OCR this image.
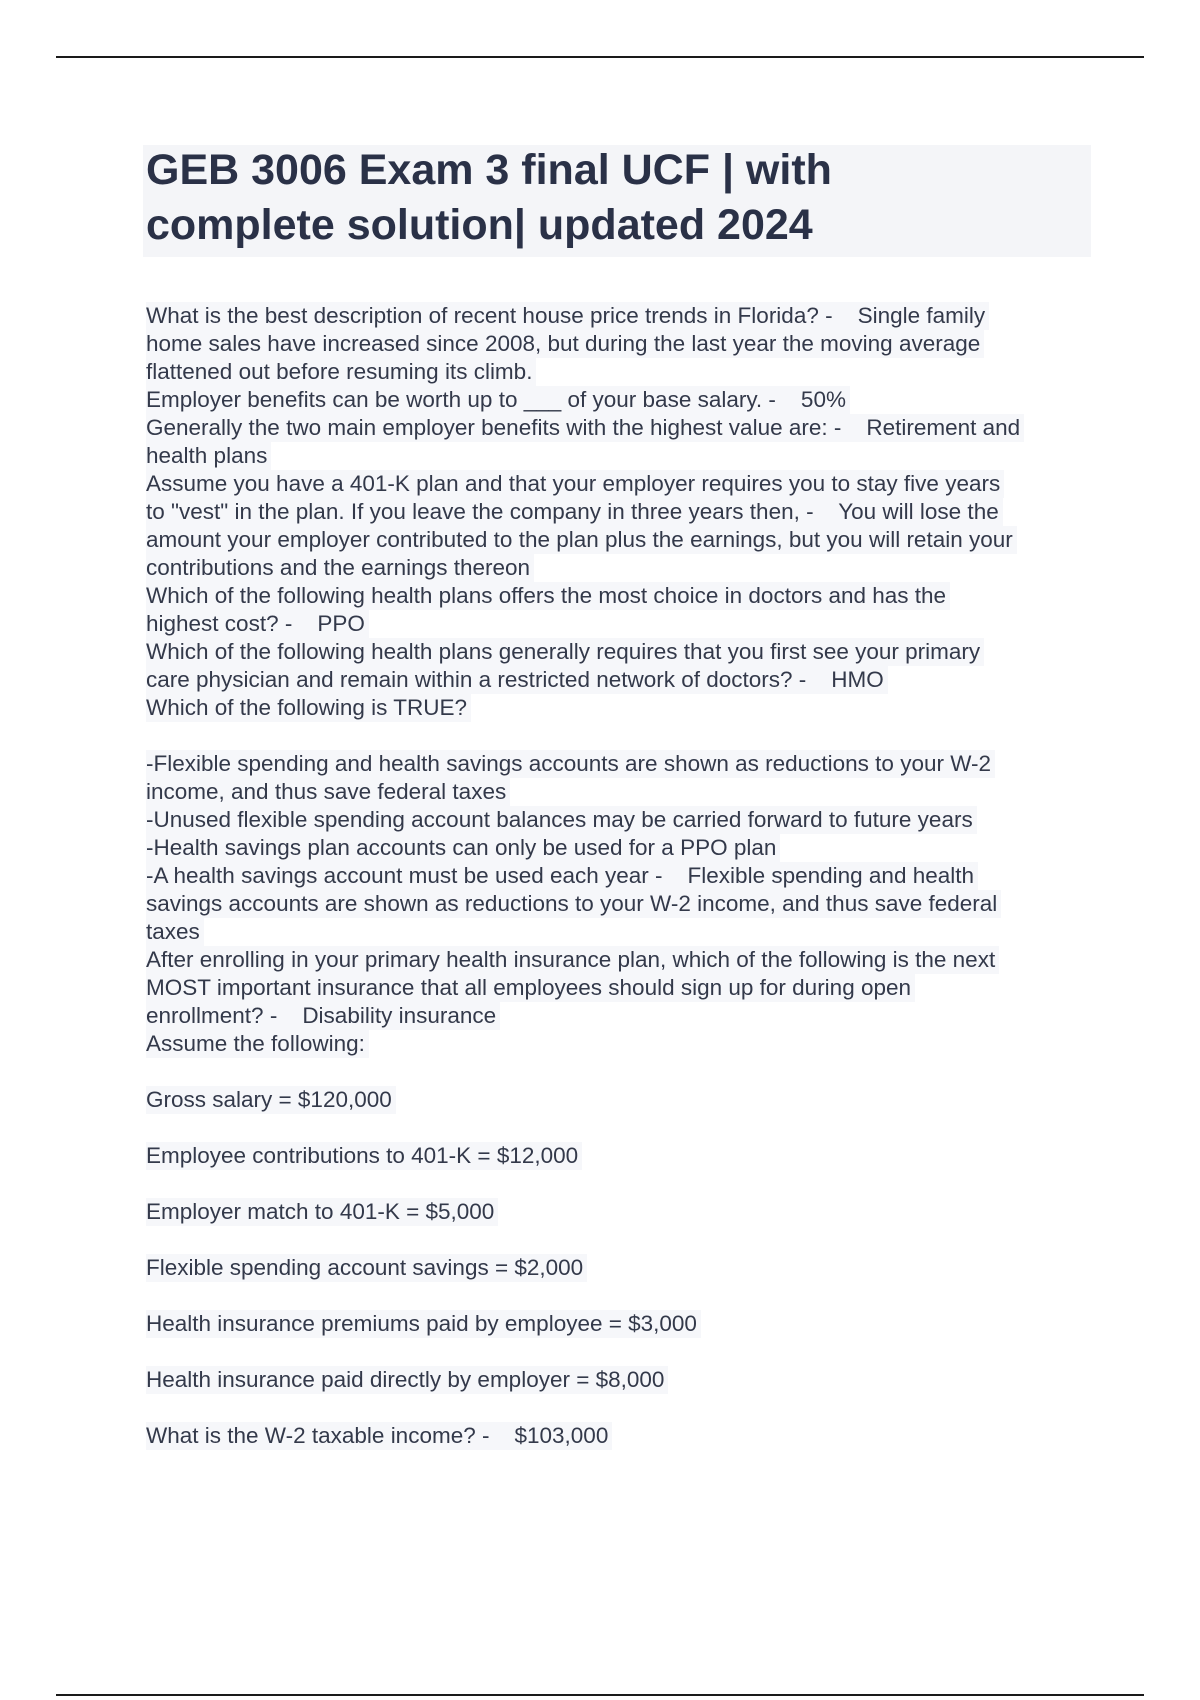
GEB 3006 Exam 3 final UCF | with
complete solution| updated 2024
What is the best description of recent house price trends in Florida? -    Single family
home sales have increased since 2008, but during the last year the moving average
flattened out before resuming its climb.
Employer benefits can be worth up to ___ of your base salary. -    50%
Generally the two main employer benefits with the highest value are: -    Retirement and
health plans
Assume you have a 401-K plan and that your employer requires you to stay five years
to "vest" in the plan. If you leave the company in three years then, -    You will lose the
amount your employer contributed to the plan plus the earnings, but you will retain your
contributions and the earnings thereon
Which of the following health plans offers the most choice in doctors and has the
highest cost? -    PPO
Which of the following health plans generally requires that you first see your primary
care physician and remain within a restricted network of doctors? -    HMO
Which of the following is TRUE?
-Flexible spending and health savings accounts are shown as reductions to your W-2
income, and thus save federal taxes
-Unused flexible spending account balances may be carried forward to future years
-Health savings plan accounts can only be used for a PPO plan
-A health savings account must be used each year -    Flexible spending and health
savings accounts are shown as reductions to your W-2 income, and thus save federal
taxes
After enrolling in your primary health insurance plan, which of the following is the next
MOST important insurance that all employees should sign up for during open
enrollment? -    Disability insurance
Assume the following:
Gross salary = $120,000
Employee contributions to 401-K = $12,000
Employer match to 401-K = $5,000
Flexible spending account savings = $2,000
Health insurance premiums paid by employee = $3,000
Health insurance paid directly by employer = $8,000
What is the W-2 taxable income? -    $103,000
